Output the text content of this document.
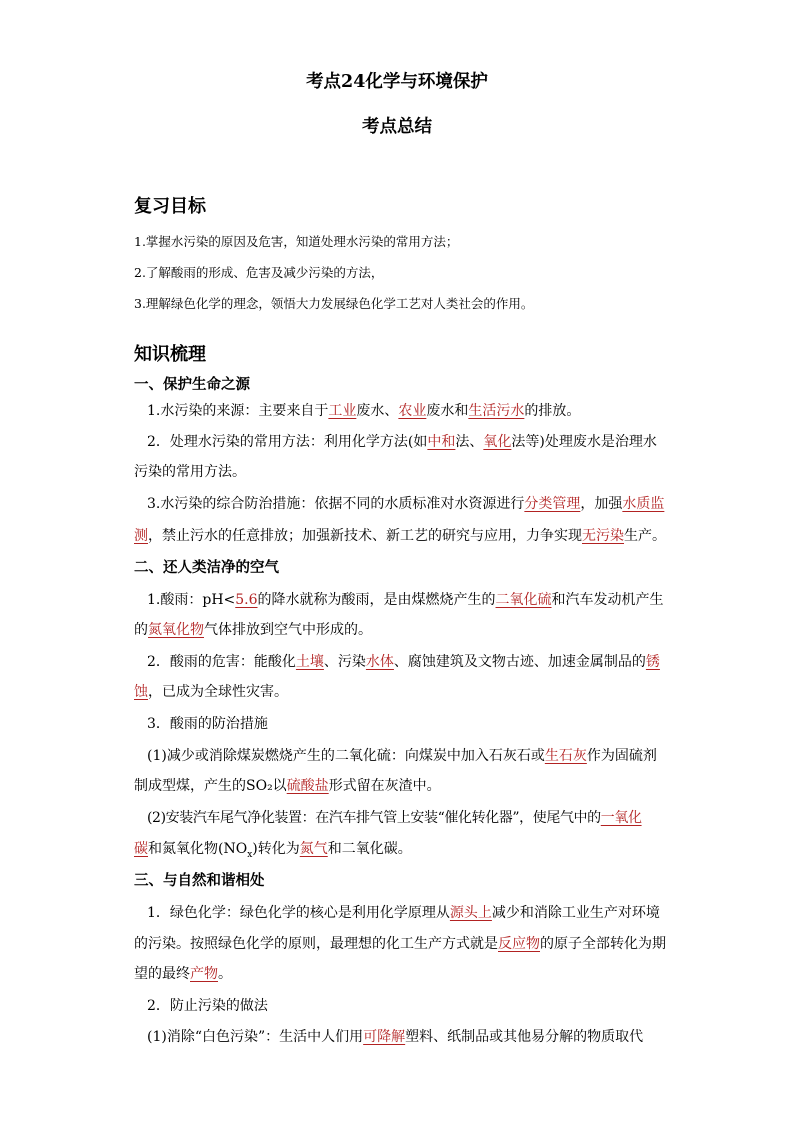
考点24化学与环境保护
考点总结
复习目标
1.掌握水污染的原因及危害，知道处理水污染的常用方法；
2.了解酸雨的形成、危害及减少污染的方法，
3.理解绿色化学的理念，领悟大力发展绿色化学工艺对人类社会的作用。
知识梳理
一、保护生命之源
1.水污染的来源：主要来自于工业废水、农业废水和生活污水的排放。
2．处理水污染的常用方法：利用化学方法(如中和法、氧化法等)处理废水是治理水
污染的常用方法。
3.水污染的综合防治措施：依据不同的水质标准对水资源进行分类管理，加强水质监
测，禁止污水的任意排放；加强新技术、新工艺的研究与应用，力争实现无污染生产。
二、还人类洁净的空气
1.酸雨：pH<5.6的降水就称为酸雨，是由煤燃烧产生的二氧化硫和汽车发动机产生
的氮氧化物气体排放到空气中形成的。
2．酸雨的危害：能酸化土壤、污染水体、腐蚀建筑及文物古迹、加速金属制品的锈
蚀，已成为全球性灾害。
3．酸雨的防治措施
(1)减少或消除煤炭燃烧产生的二氧化硫：向煤炭中加入石灰石或生石灰作为固硫剂
制成型煤，产生的SO₂以硫酸盐形式留在灰渣中。
(2)安装汽车尾气净化装置：在汽车排气管上安装“催化转化器”，使尾气中的一氧化
碳和氮氧化物$(NO_x)$转化为氮气和二氧化碳。
三、与自然和谐相处
1．绿色化学：绿色化学的核心是利用化学原理从源头上减少和消除工业生产对环境
的污染。按照绿色化学的原则，最理想的化工生产方式就是反应物的原子全部转化为期
望的最终产物。
2．防止污染的做法
(1)消除“白色污染”：生活中人们用可降解塑料、纸制品或其他易分解的物质取代
